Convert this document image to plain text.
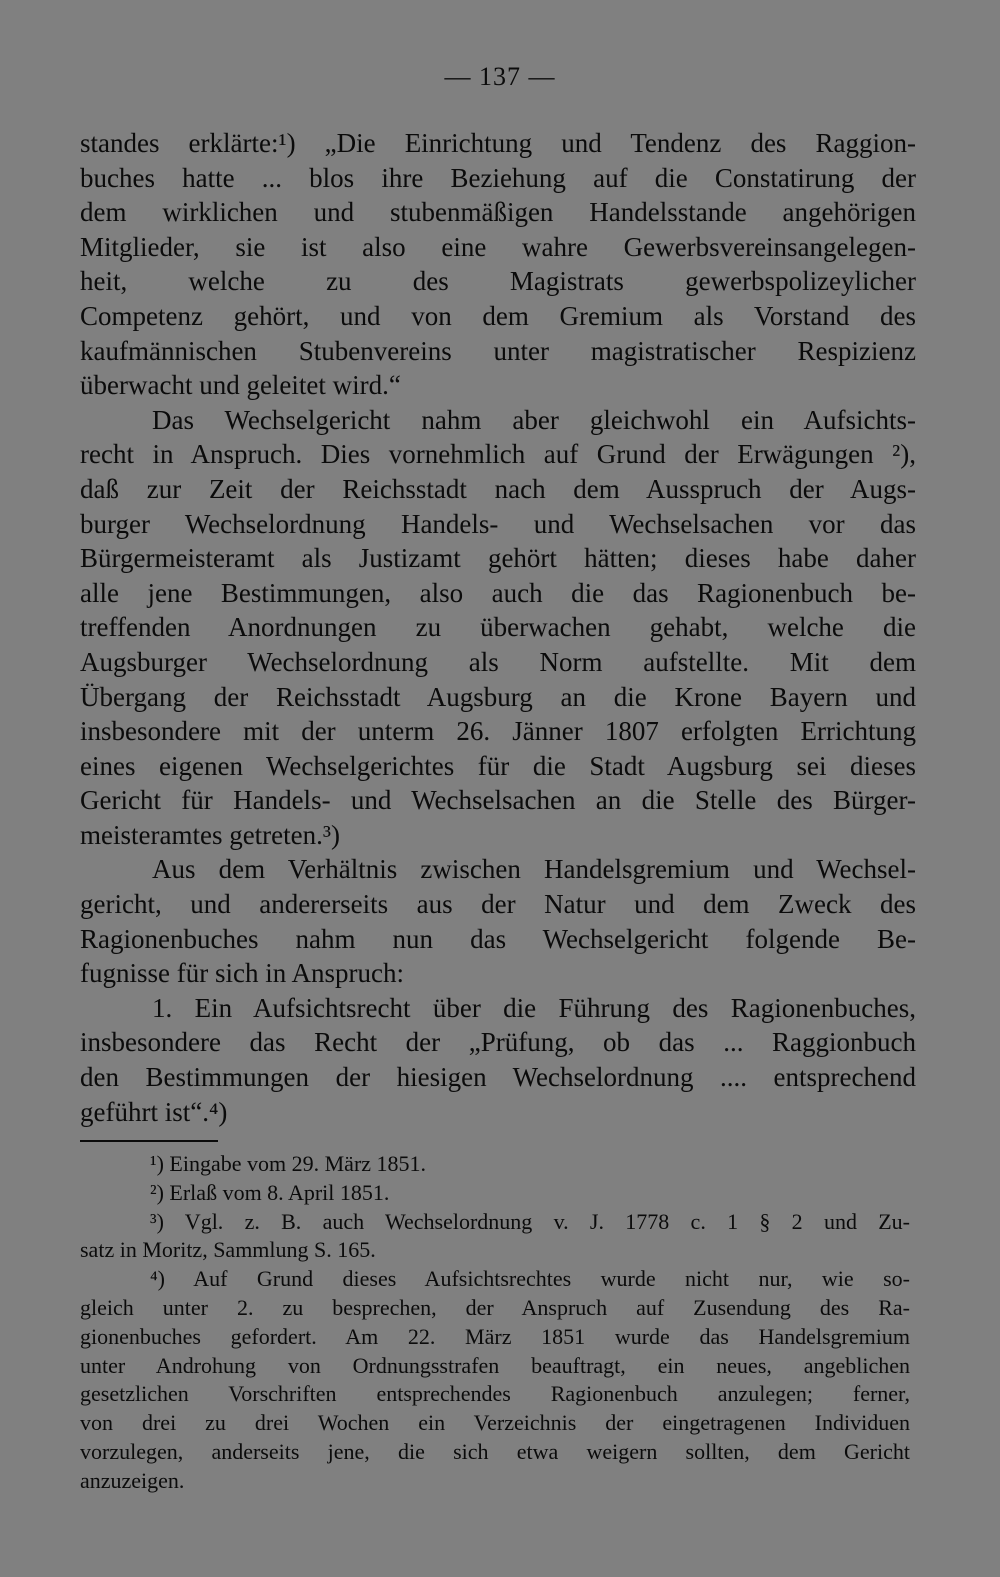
— 137 —
standes erklärte:¹) „Die Einrichtung und Tendenz des Raggion-
buches hatte ... blos ihre Beziehung auf die Constatirung der
dem wirklichen und stubenmäßigen Handelsstande angehörigen
Mitglieder, sie ist also eine wahre Gewerbsvereinsangelegen-
heit, welche zu des Magistrats gewerbspolizeylicher
Competenz gehört, und von dem Gremium als Vorstand des
kaufmännischen Stubenvereins unter magistratischer Respizienz
überwacht und geleitet wird.“
Das Wechselgericht nahm aber gleichwohl ein Aufsichts-
recht in Anspruch. Dies vornehmlich auf Grund der Erwägungen ²),
daß zur Zeit der Reichsstadt nach dem Ausspruch der Augs-
burger Wechselordnung Handels- und Wechselsachen vor das
Bürgermeisteramt als Justizamt gehört hätten; dieses habe daher
alle jene Bestimmungen, also auch die das Ragionenbuch be-
treffenden Anordnungen zu überwachen gehabt, welche die
Augsburger Wechselordnung als Norm aufstellte. Mit dem
Übergang der Reichsstadt Augsburg an die Krone Bayern und
insbesondere mit der unterm 26. Jänner 1807 erfolgten Errichtung
eines eigenen Wechselgerichtes für die Stadt Augsburg sei dieses
Gericht für Handels- und Wechselsachen an die Stelle des Bürger-
meisteramtes getreten.³)
Aus dem Verhältnis zwischen Handelsgremium und Wechsel-
gericht, und andererseits aus der Natur und dem Zweck des
Ragionenbuches nahm nun das Wechselgericht folgende Be-
fugnisse für sich in Anspruch:
1. Ein Aufsichtsrecht über die Führung des Ragionenbuches,
insbesondere das Recht der „Prüfung, ob das ... Raggionbuch
den Bestimmungen der hiesigen Wechselordnung .... entsprechend
geführt ist“.⁴)
¹) Eingabe vom 29. März 1851.
²) Erlaß vom 8. April 1851.
³) Vgl. z. B. auch Wechselordnung v. J. 1778 c. 1 § 2 und Zu-
satz in Moritz, Sammlung S. 165.
⁴) Auf Grund dieses Aufsichtsrechtes wurde nicht nur, wie so-
gleich unter 2. zu besprechen, der Anspruch auf Zusendung des Ra-
gionenbuches gefordert. Am 22. März 1851 wurde das Handelsgremium
unter Androhung von Ordnungsstrafen beauftragt, ein neues, angeblichen
gesetzlichen Vorschriften entsprechendes Ragionenbuch anzulegen; ferner,
von drei zu drei Wochen ein Verzeichnis der eingetragenen Individuen
vorzulegen, anderseits jene, die sich etwa weigern sollten, dem Gericht
anzuzeigen.
